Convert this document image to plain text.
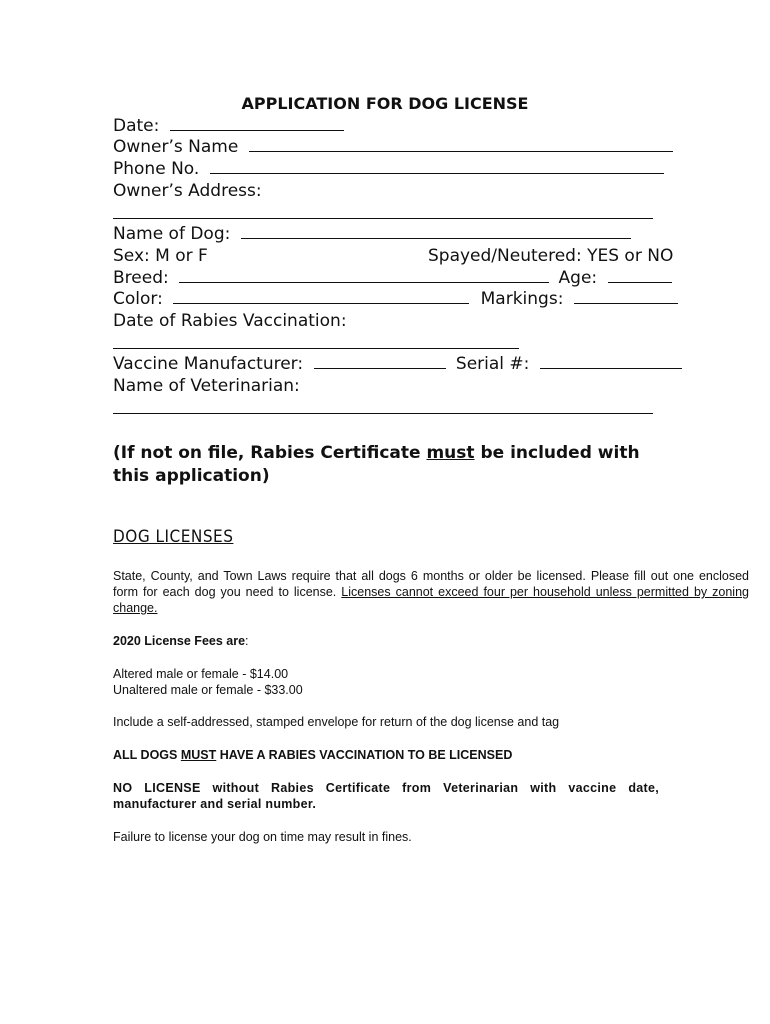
APPLICATION FOR DOG LICENSE
Date:
Owner’s Name
Phone No.
Owner’s Address:
Name of Dog:
Sex: M or F	Spayed/Neutered: YES or NO
Breed:	Age:
Color:	Markings:
Date of Rabies Vaccination:
Vaccine Manufacturer:	Serial #:
Name of Veterinarian:
(If not on file, Rabies Certificate must be included with this application)
DOG LICENSES
State, County, and Town Laws require that all dogs 6 months or older be licensed. Please fill out one enclosed form for each dog you need to license. Licenses cannot exceed four per household unless permitted by zoning change.
2020 License Fees are:
Altered male or female - $14.00
Unaltered male or female - $33.00
Include a self-addressed, stamped envelope for return of the dog license and tag
ALL DOGS MUST HAVE A RABIES VACCINATION TO BE LICENSED
NO LICENSE without Rabies Certificate from Veterinarian with vaccine date, manufacturer and serial number.
Failure to license your dog on time may result in fines.
